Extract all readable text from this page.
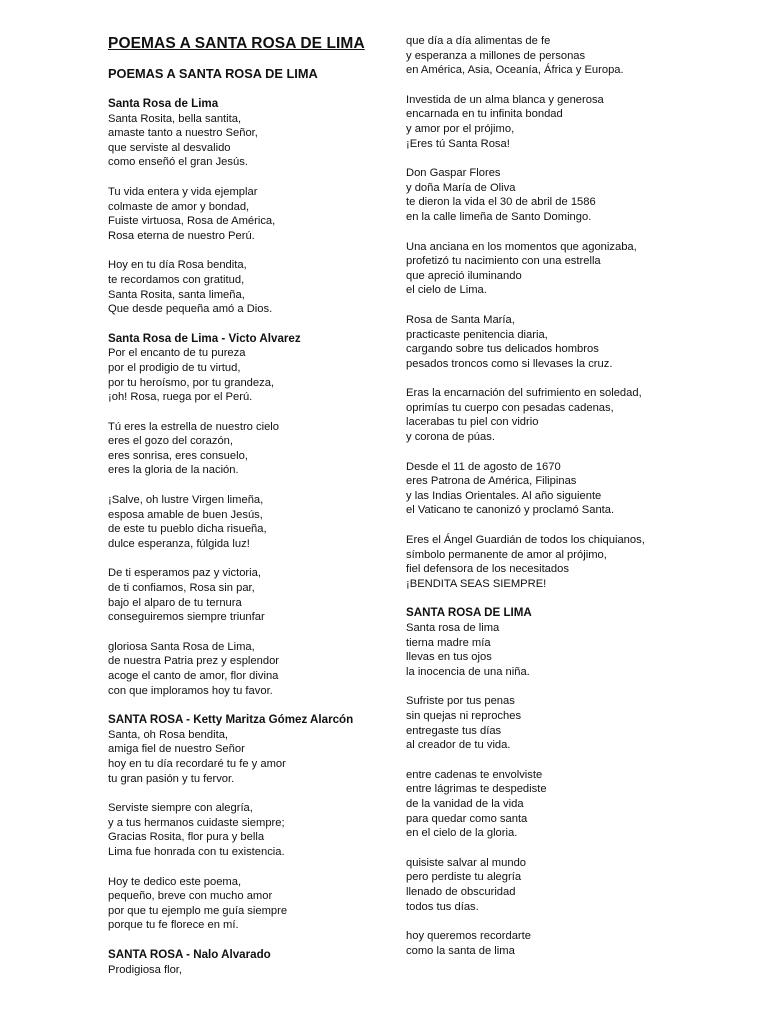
POEMAS A SANTA ROSA DE LIMA
POEMAS A SANTA ROSA DE LIMA
Santa Rosa de Lima
Santa Rosita, bella santita,
amaste tanto a nuestro Señor,
que serviste al desvalido
como enseñó el gran Jesús.
Tu vida entera y vida ejemplar
colmaste de amor y bondad,
Fuiste virtuosa, Rosa de América,
Rosa eterna de nuestro Perú.
Hoy en tu día Rosa bendita,
te recordamos con gratitud,
Santa Rosita, santa limeña,
Que desde pequeña amó a Dios.
Santa Rosa de Lima - Victo Alvarez
Por el encanto de tu pureza
por el prodigio de tu virtud,
por tu heroísmo, por tu grandeza,
¡oh! Rosa, ruega por el Perú.
Tú eres la estrella de nuestro cielo
eres el gozo del corazón,
eres sonrisa, eres consuelo,
eres la gloria de la nación.
¡Salve, oh lustre Virgen limeña,
esposa amable de buen Jesús,
de este tu pueblo dicha risueña,
dulce esperanza, fúlgida luz!
De ti esperamos paz y victoria,
de ti confiamos, Rosa sin par,
bajo el alparo de tu ternura
conseguiremos siempre triunfar
gloriosa Santa Rosa de Lima,
de nuestra Patria prez y esplendor
acoge el canto de amor, flor divina
con que imploramos hoy tu favor.
SANTA ROSA - Ketty Maritza Gómez Alarcón
Santa, oh Rosa bendita,
amiga fiel de nuestro Señor
hoy en tu día recordaré tu fe y amor
tu gran pasión y tu fervor.
Serviste siempre con alegría,
y a tus hermanos cuidaste siempre;
Gracias Rosita, flor pura y bella
Lima fue honrada con tu existencia.
Hoy te dedico este poema,
pequeño, breve con mucho amor
por que tu ejemplo me guía siempre
porque tu fe florece en mí.
SANTA ROSA - Nalo Alvarado
Prodigiosa flor,
que día a día alimentas de fe
y esperanza a millones de personas
en América, Asia, Oceanía, África y Europa.
Investida de un alma blanca y generosa
encarnada en tu infinita bondad
y amor por el prójimo,
¡Eres tú Santa Rosa!
Don Gaspar Flores
y doña María de Oliva
te dieron la vida el 30 de abril de 1586
en la calle limeña de Santo Domingo.
Una anciana en los momentos que agonizaba,
profetizó tu nacimiento con una estrella
que apreció iluminando
el cielo de Lima.
Rosa de Santa María,
practicaste penitencia diaria,
cargando sobre tus delicados hombros
pesados troncos como si llevases la cruz.
Eras la encarnación del sufrimiento en soledad,
oprimías tu cuerpo con pesadas cadenas,
lacerabas tu piel con vidrio
y corona de púas.
Desde el 11 de agosto de 1670
eres Patrona de América, Filipinas
y las Indias Orientales. Al año siguiente
el Vaticano te canonizó y proclamó Santa.
Eres el Ángel Guardián de todos los chiquianos,
símbolo permanente de amor al prójimo,
fiel defensora de los necesitados
¡BENDITA SEAS SIEMPRE!
SANTA ROSA DE LIMA
Santa rosa de lima
tierna madre mía
llevas en tus ojos
la inocencia de una niña.
Sufriste por tus penas
sin quejas ni reproches
entregaste tus días
al creador de tu vida.
entre cadenas te envolviste
entre lágrimas te despediste
de la vanidad de la vida
para quedar como santa
en el cielo de la gloria.
quisiste salvar al mundo
pero perdiste tu alegría
llenado de obscuridad
todos tus días.
hoy queremos recordarte
como la santa de lima
